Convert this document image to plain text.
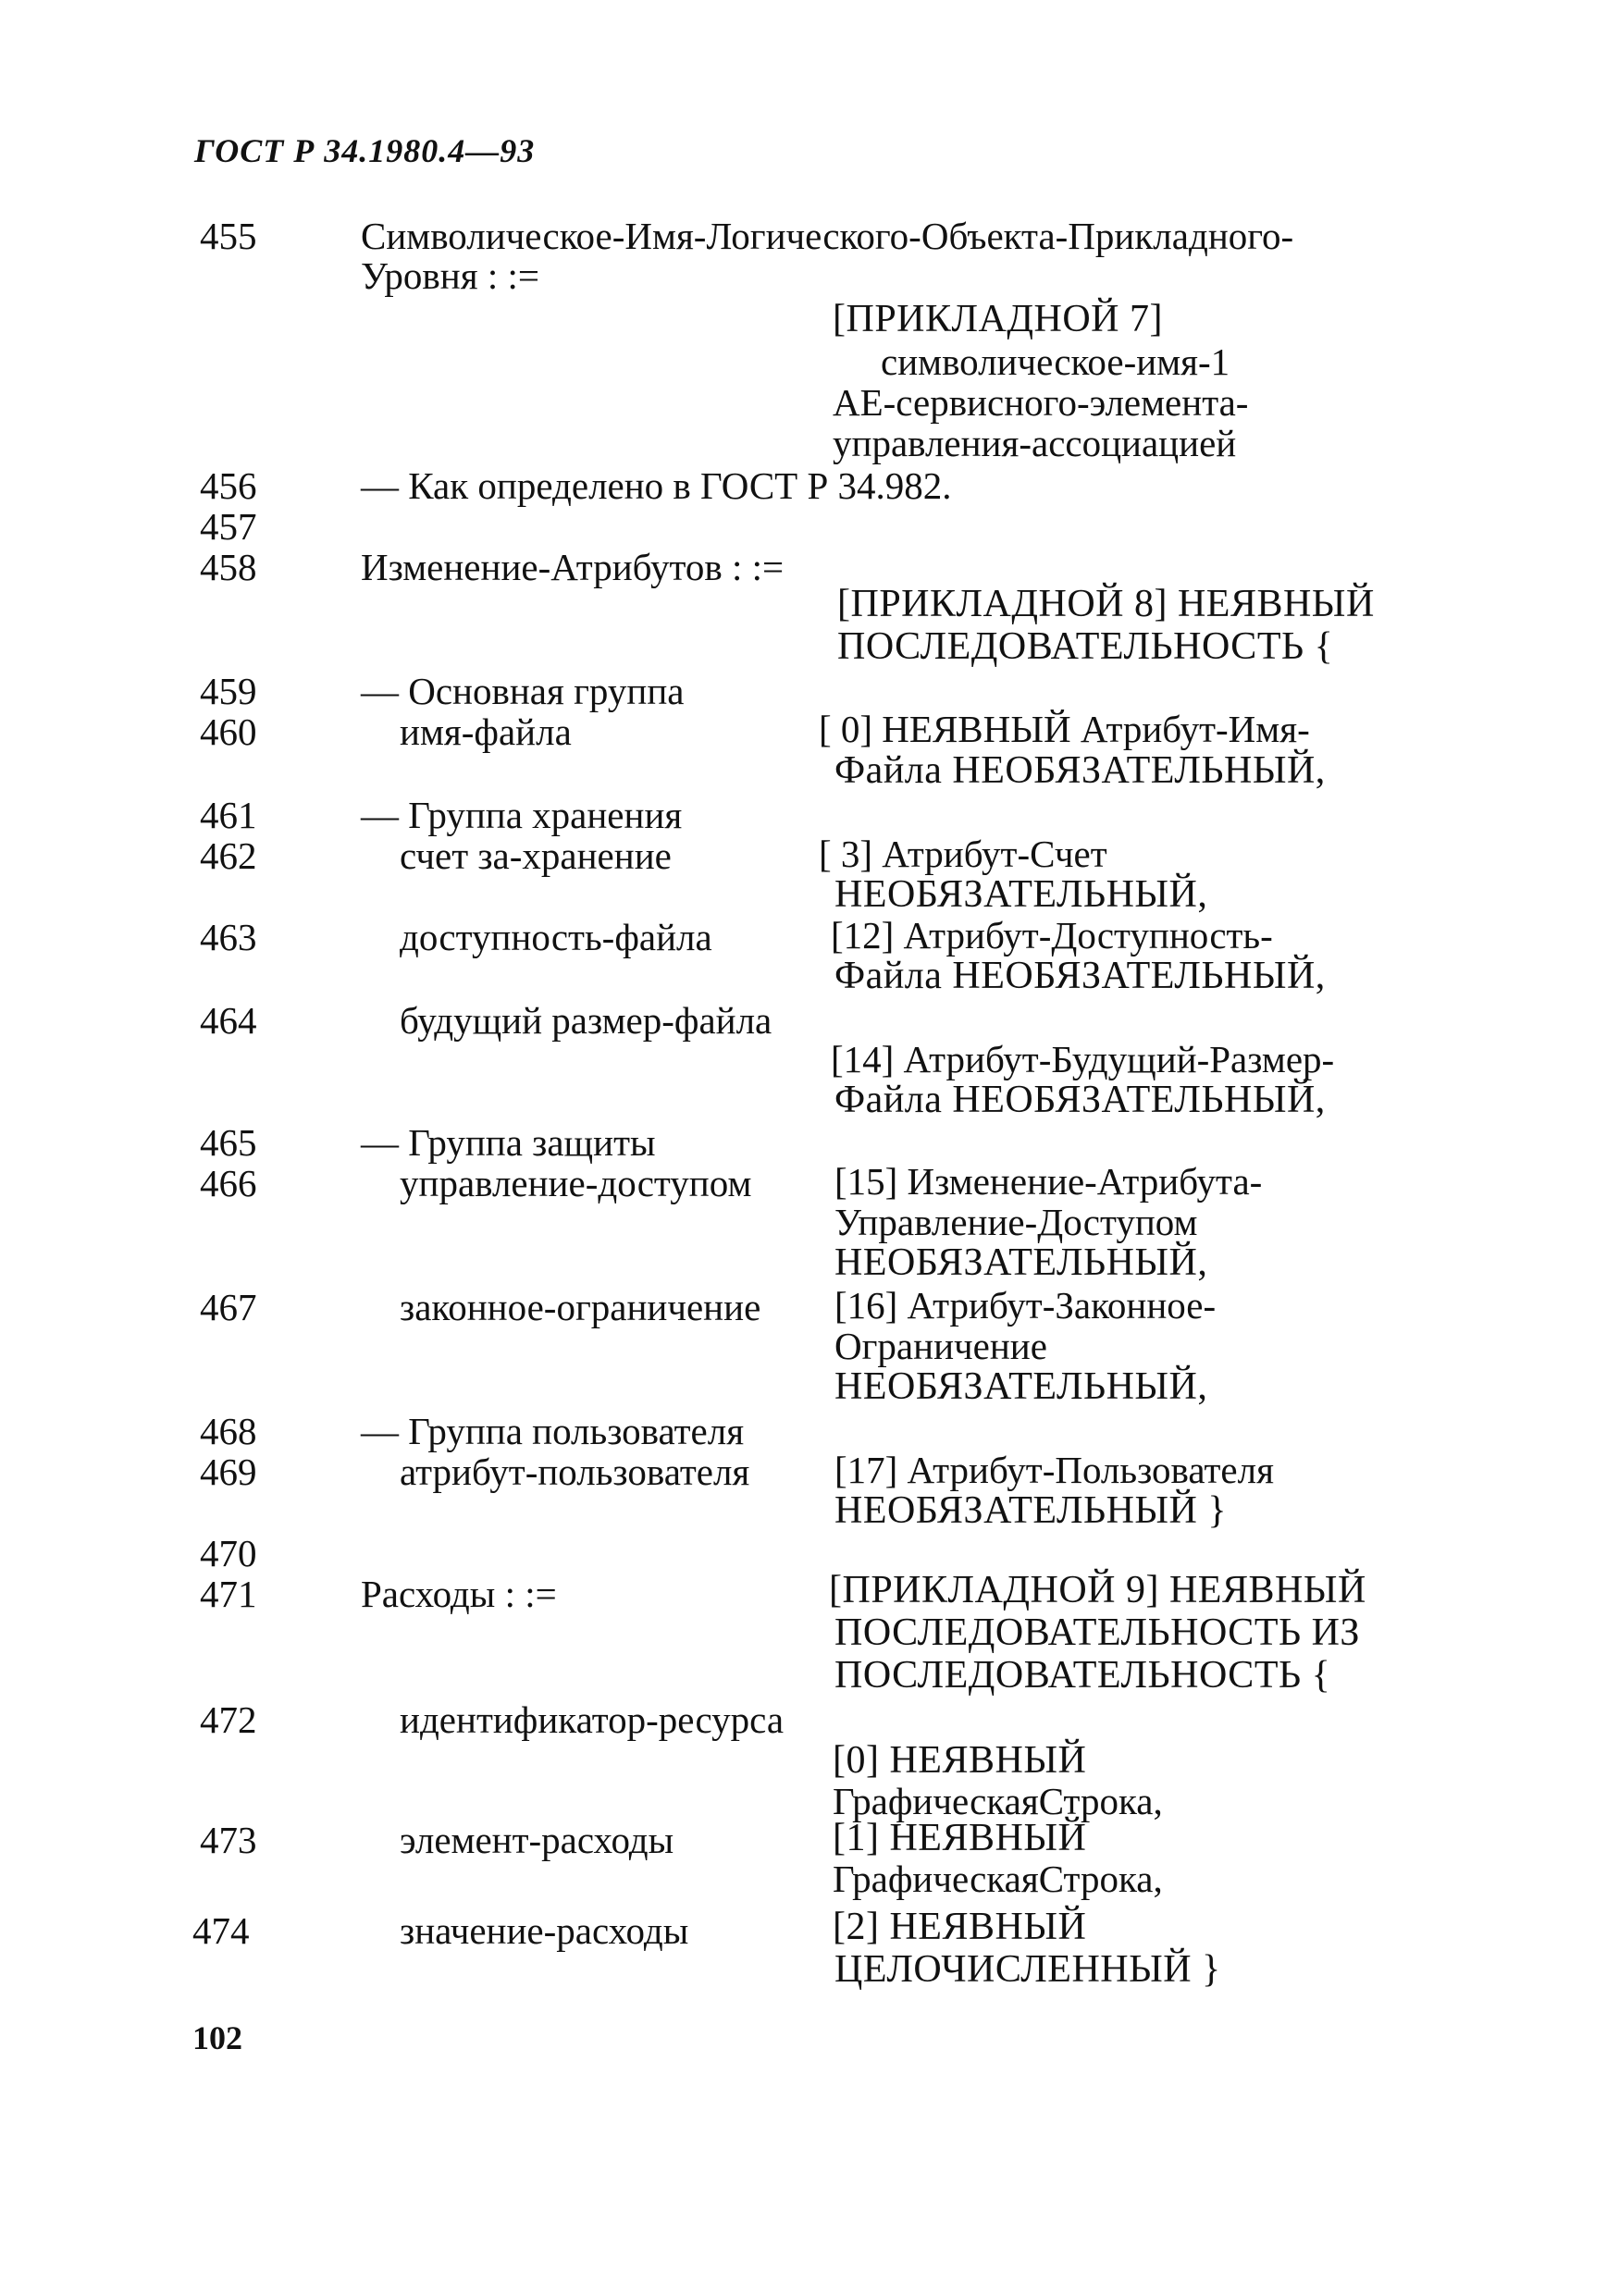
ГОСТ Р 34.1980.4—93
455	Символическое-Имя-Логического-Объекта-Прикладного-
Уровня : :=
[ПРИКЛАДНОЙ 7]
символическое-имя-1
АЕ-сервисного-элемента-
управления-ассоциацией
456	— Как определено в ГОСТ Р 34.982.
457
458	Изменение-Атрибутов : :=
[ПРИКЛАДНОЙ 8] НЕЯВНЫЙ
ПОСЛЕДОВАТЕЛЬНОСТЬ {
459	— Основная группа
460	имя-файла	[ 0] НЕЯВНЫЙ Атрибут-Имя-
Файла НЕОБЯЗАТЕЛЬНЫЙ,
461	— Группа хранения
462	счет за-хранение	[ 3] Атрибут-Счет
НЕОБЯЗАТЕЛЬНЫЙ,
463	доступность-файла	[12] Атрибут-Доступность-
Файла НЕОБЯЗАТЕЛЬНЫЙ,
464	будущий размер-файла
[14] Атрибут-Будущий-Размер-
Файла НЕОБЯЗАТЕЛЬНЫЙ,
465	— Группа защиты
466	управление-доступом [15] Изменение-Атрибута-
Управление-Доступом
НЕОБЯЗАТЕЛЬНЫЙ,
467	законное-ограничение [16] Атрибут-Законное-
Ограничение
НЕОБЯЗАТЕЛЬНЫЙ,
468	— Группа пользователя
469	атрибут-пользователя [17] Атрибут-Пользователя
НЕОБЯЗАТЕЛЬНЫЙ }
470
471	Расходы : :=	[ПРИКЛАДНОЙ 9] НЕЯВНЫЙ
ПОСЛЕДОВАТЕЛЬНОСТЬ ИЗ
ПОСЛЕДОВАТЕЛЬНОСТЬ {
472	идентификатор-ресурса
[0] НЕЯВНЫЙ
ГрафическаяСтрока,
473	элемент-расходы	[1] НЕЯВНЫЙ
ГрафическаяСтрока,
474	значение-расходы	[2] НЕЯВНЫЙ
ЦЕЛОЧИСЛЕННЫЙ }
102
